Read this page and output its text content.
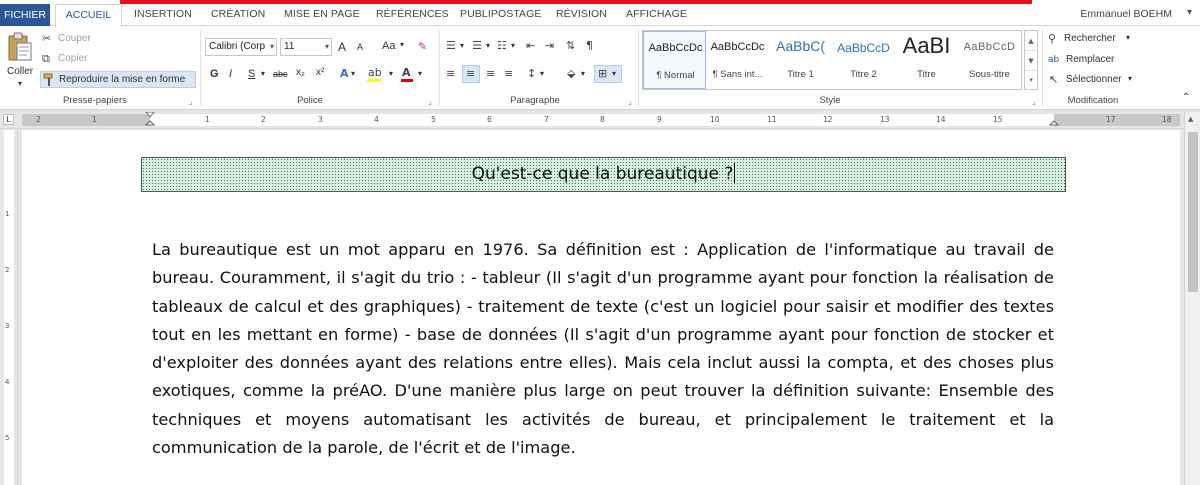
FICHIER	ACCUEIL	INSERTION CRÉATION MISE EN PAGE RÉFÉRENCES PUBLIPOSTAGE RÉVISION AFFICHAGE	Emmanuel BOEHM ▾
Coller
▾
✂ Couper
⧉ Copier
Reproduire la mise en forme
Presse-papiers	⌟
Calibri (Corp ▾	11	▾ A A Aa ▾ ✎
G I S ▾ abc x₂ x² A ▾ ab ▾ A ▾
Police	⌟
☰ ▾ ☰ ▾ ☷ ▾ ⇤ ⇥ ⇅ ¶
≡ ≡ ≡ ≡ ↕ ▾ ⬙ ▾ ⊞ ▾
Paragraphe	⌟
AaBbCcDc
¶ Normal
AaBbCcDc
¶ Sans int...
AaBbC(
Titre 1
AaBbCcD
Titre 2
AaBI
Titre
AaBbCcD
Sous-titre
▲
▼
▾
Style	⌟
⚲ Rechercher ▾
ab Remplacer
↖ Sélectionner ▾
Modification	⌃
L	2	1	1	2	3	4	5	6	7	8	9	10	11	12	13	14	15	17	18
1
2
3
4
5
Qu'est-ce que la bureautique ?
La bureautique est un mot apparu en 1976. Sa définition est : Application de l'informatique au travail de bureau. Couramment, il s'agit du trio : - tableur (Il s'agit d'un programme ayant pour fonction la réalisation de tableaux de calcul et des graphiques) - traitement de texte (c'est un logiciel pour saisir et modifier des textes tout en les mettant en forme) - base de données (Il s'agit d'un programme ayant pour fonction de stocker et d'exploiter des données ayant des relations entre elles). Mais cela inclut aussi la compta, et des choses plus exotiques, comme la préAO. D'une manière plus large on peut trouver la définition suivante: Ensemble des techniques et moyens automatisant les activités de bureau, et principalement le traitement et la communication de la parole, de l'écrit et de l'image.
▲
